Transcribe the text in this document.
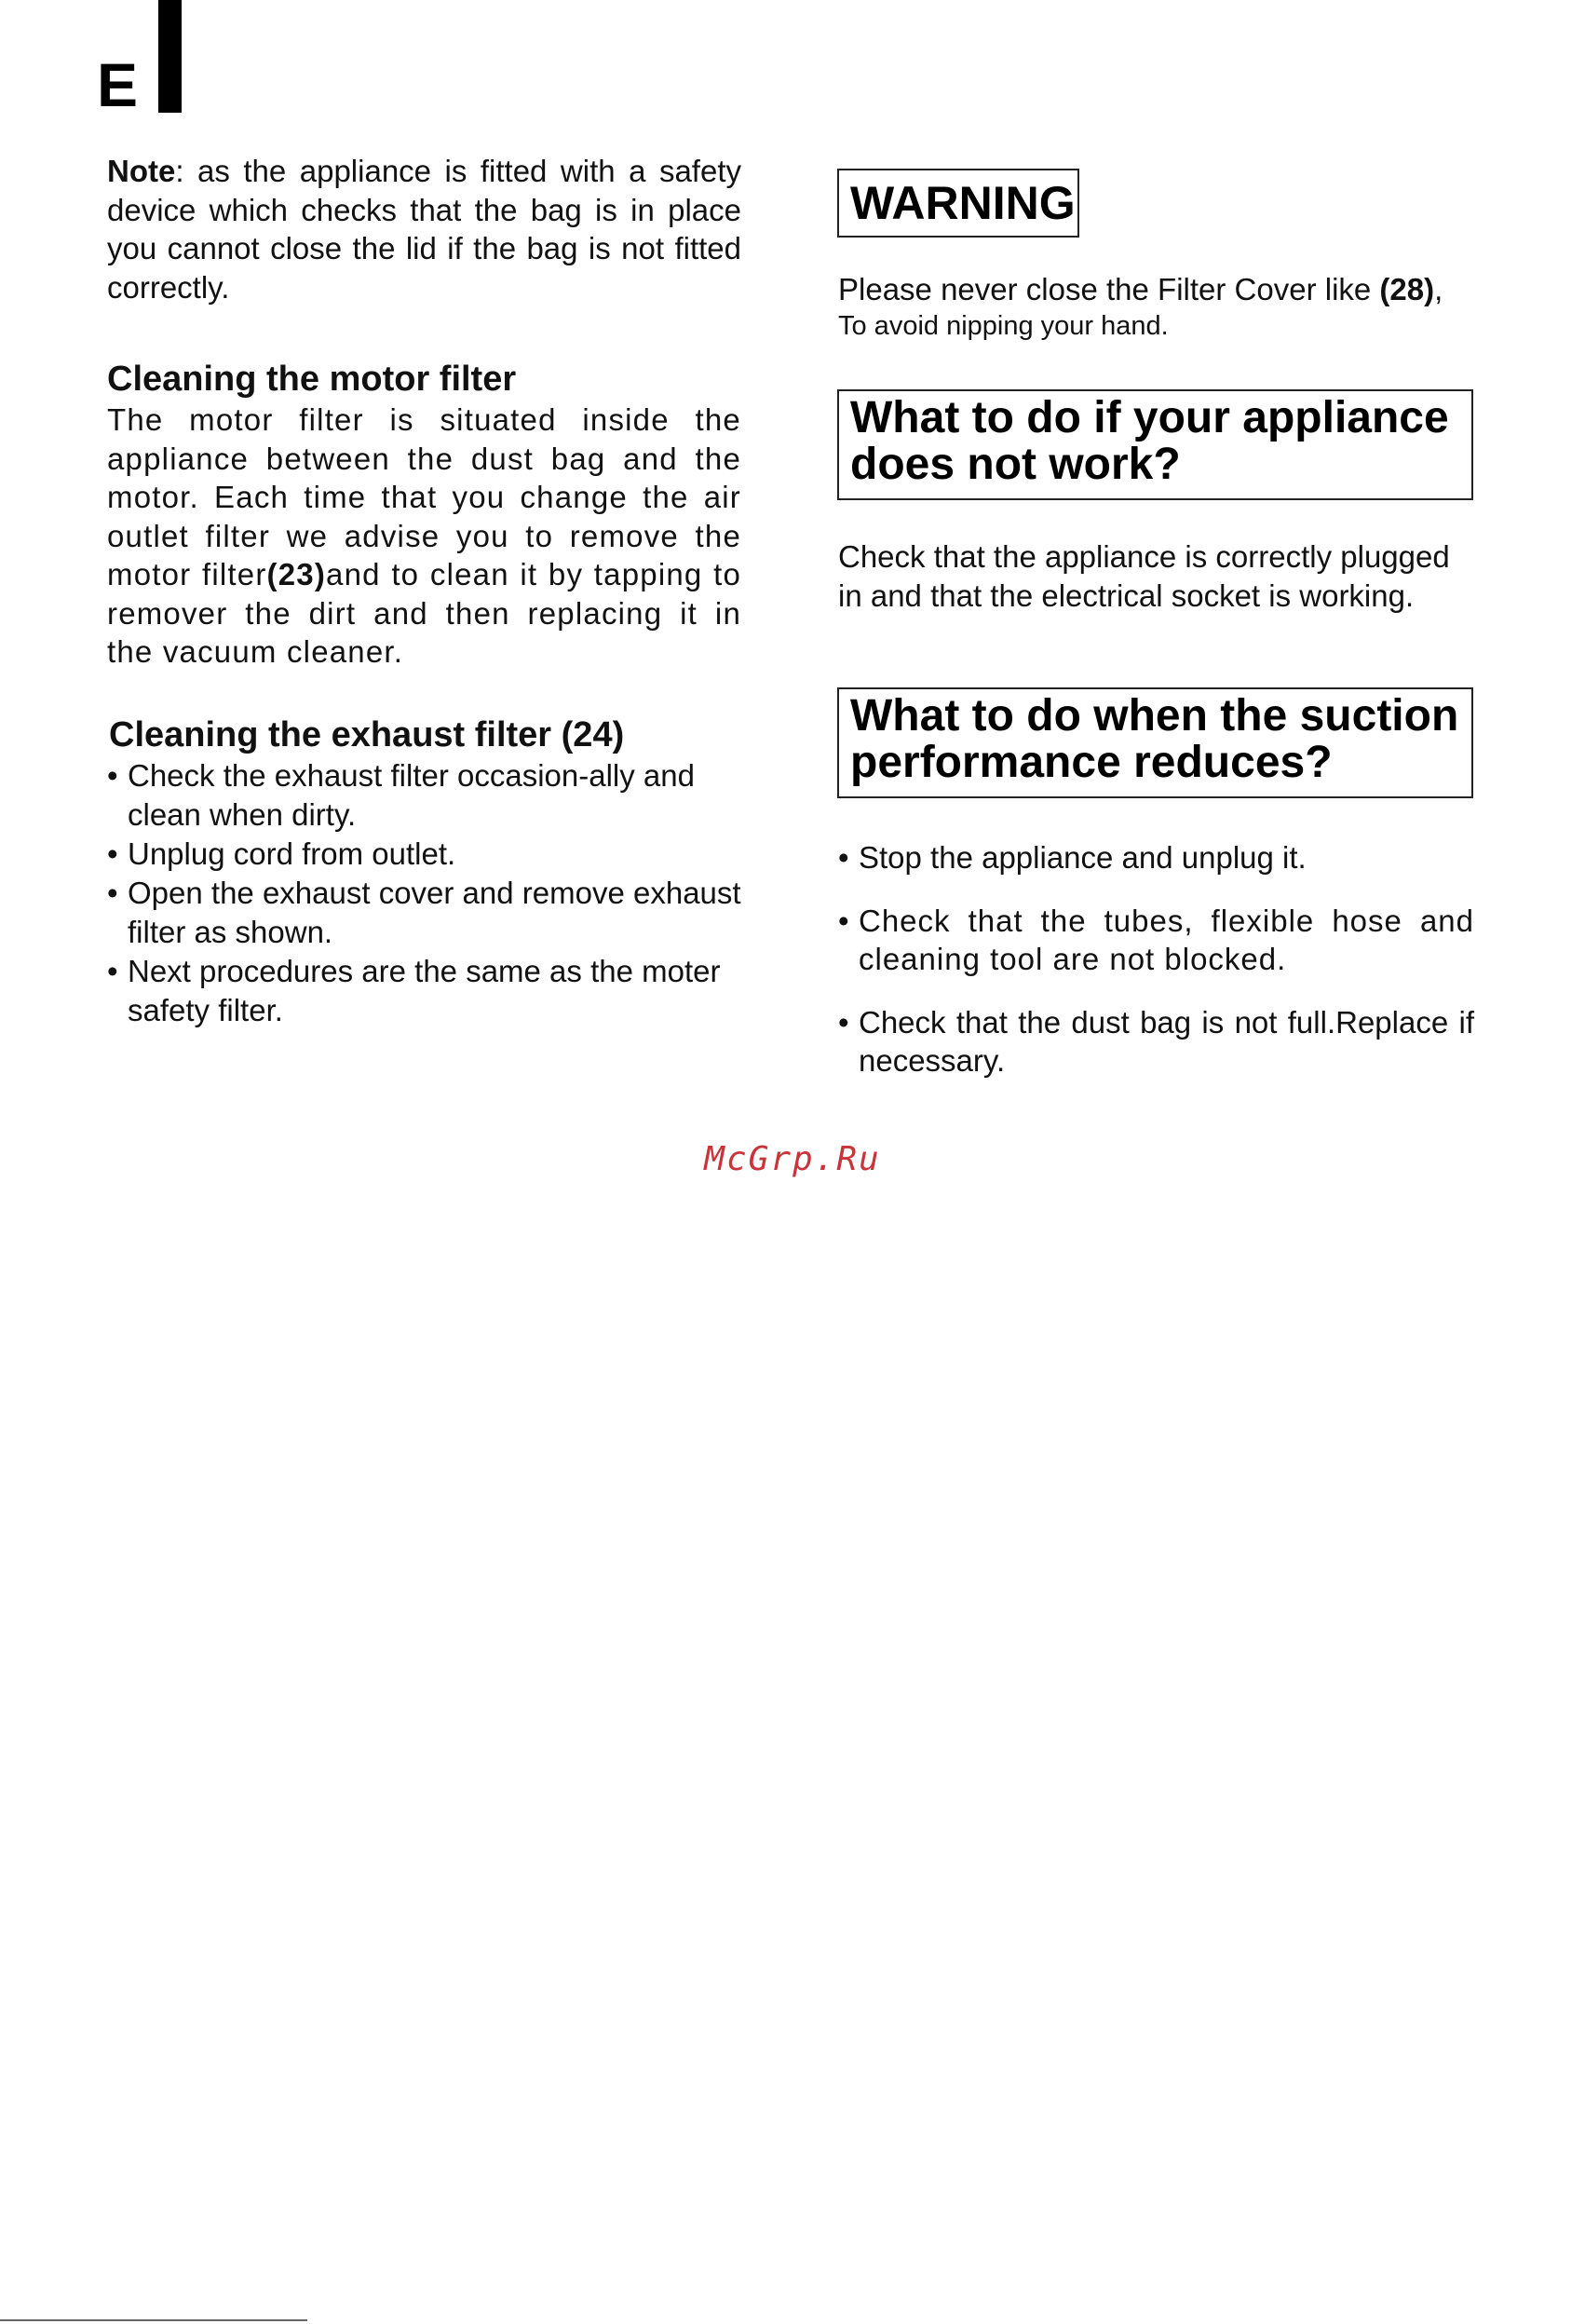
E

Note: as the appliance is fitted with a safety device which checks that the bag is in place you cannot close the lid if the bag is not fitted correctly.

Cleaning the motor filter

The motor filter is situated inside the appliance between the dust bag and the motor. Each time that you change the air outlet filter we advise you to remove the motor filter(23)and to clean it by tapping to remover the dirt and then replacing it in the vacuum cleaner.

Cleaning the exhaust filter (24)
• Check the exhaust filter occasion-ally and clean when dirty.
• Unplug cord from outlet.
• Open the exhaust cover and remove exhaust filter as shown.
• Next procedures are the same as the moter safety filter.
WARNING

Please never close the Filter Cover like (28),

To avoid nipping your hand.

What to do if your appliance does not work?

Check that the appliance is correctly plugged in and that the electrical socket is working.

What to do when the suction performance reduces?
• Stop the appliance and unplug it.
• Check that the tubes, flexible hose and cleaning tool are not blocked.
• Check that the dust bag is not full.Replace if necessary.
McGrp.Ru
